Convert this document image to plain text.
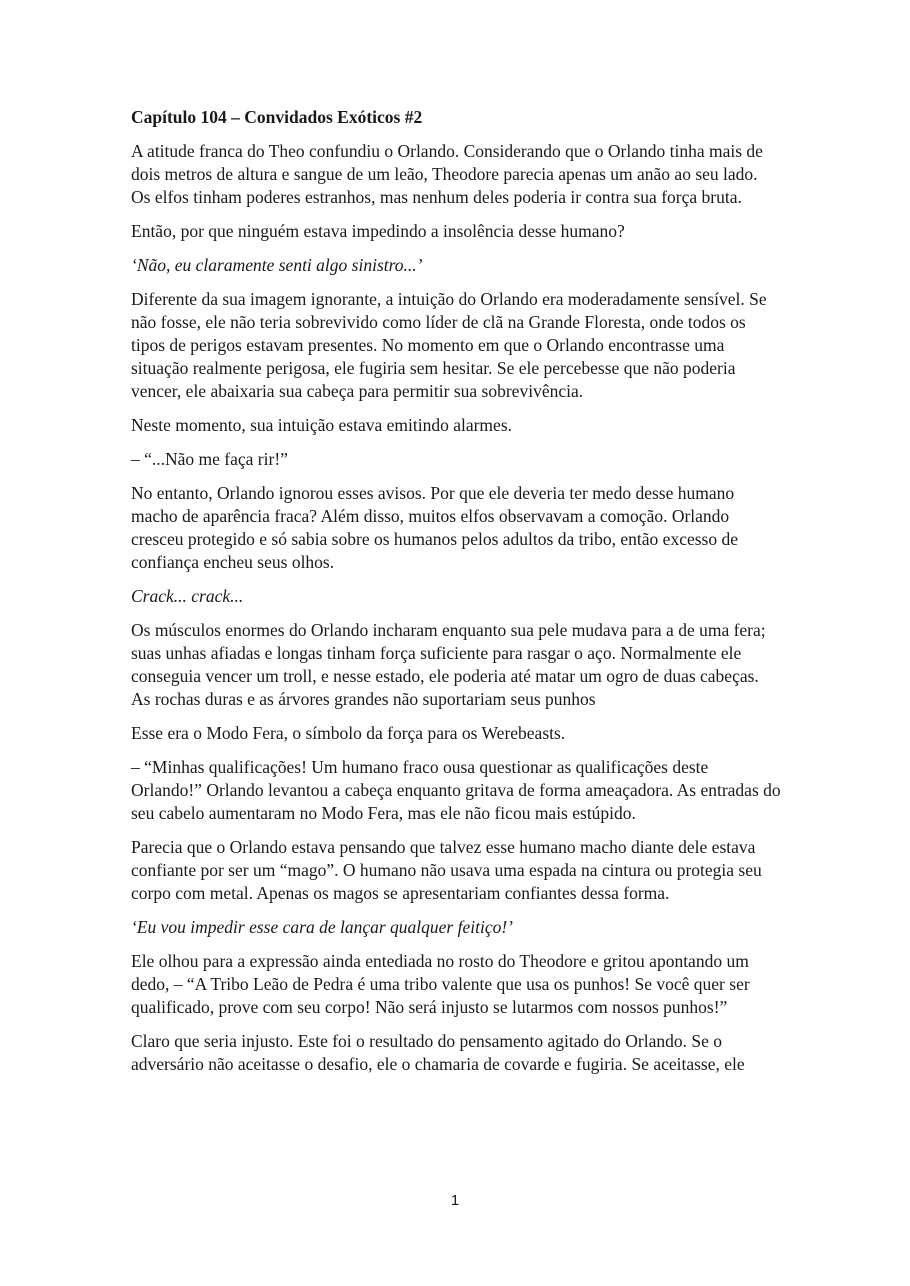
Capítulo 104 – Convidados Exóticos #2

A atitude franca do Theo confundiu o Orlando. Considerando que o Orlando tinha mais de dois metros de altura e sangue de um leão, Theodore parecia apenas um anão ao seu lado. Os elfos tinham poderes estranhos, mas nenhum deles poderia ir contra sua força bruta.

Então, por que ninguém estava impedindo a insolência desse humano?

‘Não, eu claramente senti algo sinistro...’

Diferente da sua imagem ignorante, a intuição do Orlando era moderadamente sensível. Se não fosse, ele não teria sobrevivido como líder de clã na Grande Floresta, onde todos os tipos de perigos estavam presentes. No momento em que o Orlando encontrasse uma situação realmente perigosa, ele fugiria sem hesitar. Se ele percebesse que não poderia vencer, ele abaixaria sua cabeça para permitir sua sobrevivência.

Neste momento, sua intuição estava emitindo alarmes.

– “...Não me faça rir!”

No entanto, Orlando ignorou esses avisos. Por que ele deveria ter medo desse humano macho de aparência fraca? Além disso, muitos elfos observavam a comoção. Orlando cresceu protegido e só sabia sobre os humanos pelos adultos da tribo, então excesso de confiança encheu seus olhos.

Crack... crack...

Os músculos enormes do Orlando incharam enquanto sua pele mudava para a de uma fera; suas unhas afiadas e longas tinham força suficiente para rasgar o aço. Normalmente ele conseguia vencer um troll, e nesse estado, ele poderia até matar um ogro de duas cabeças. As rochas duras e as árvores grandes não suportariam seus punhos

Esse era o Modo Fera, o símbolo da força para os Werebeasts.

– “Minhas qualificações! Um humano fraco ousa questionar as qualificações deste Orlando!” Orlando levantou a cabeça enquanto gritava de forma ameaçadora. As entradas do seu cabelo aumentaram no Modo Fera, mas ele não ficou mais estúpido.

Parecia que o Orlando estava pensando que talvez esse humano macho diante dele estava confiante por ser um “mago”. O humano não usava uma espada na cintura ou protegia seu corpo com metal. Apenas os magos se apresentariam confiantes dessa forma.

‘Eu vou impedir esse cara de lançar qualquer feitiço!’

Ele olhou para a expressão ainda entediada no rosto do Theodore e gritou apontando um dedo, – “A Tribo Leão de Pedra é uma tribo valente que usa os punhos! Se você quer ser qualificado, prove com seu corpo! Não será injusto se lutarmos com nossos punhos!”

Claro que seria injusto. Este foi o resultado do pensamento agitado do Orlando. Se o adversário não aceitasse o desafio, ele o chamaria de covarde e fugiria. Se aceitasse, ele

1
